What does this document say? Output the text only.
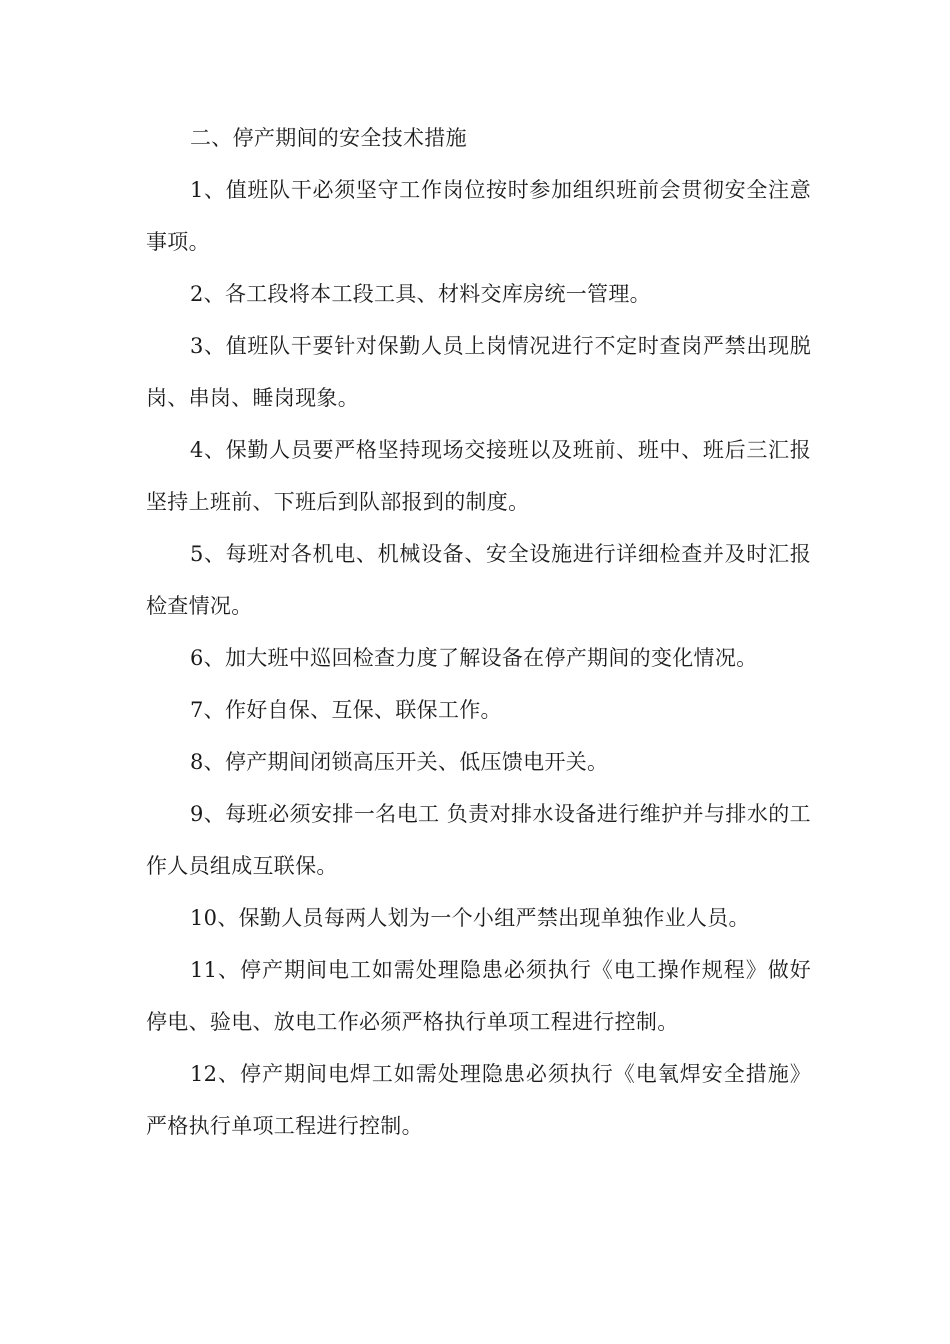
二、停产期间的安全技术措施

1、值班队干必须坚守工作岗位按时参加组织班前会贯彻安全注意事项。

2、各工段将本工段工具、材料交库房统一管理。

3、值班队干要针对保勤人员上岗情况进行不定时查岗严禁出现脱岗、串岗、睡岗现象。

4、保勤人员要严格坚持现场交接班以及班前、班中、班后三汇报坚持上班前、下班后到队部报到的制度。

5、每班对各机电、机械设备、安全设施进行详细检查并及时汇报检查情况。

6、加大班中巡回检查力度了解设备在停产期间的变化情况。

7、作好自保、互保、联保工作。

8、停产期间闭锁高压开关、低压馈电开关。

9、每班必须安排一名电工 负责对排水设备进行维护并与排水的工作人员组成互联保。

10、保勤人员每两人划为一个小组严禁出现单独作业人员。

11、停产期间电工如需处理隐患必须执行《电工操作规程》做好停电、验电、放电工作必须严格执行单项工程进行控制。

12、停产期间电焊工如需处理隐患必须执行《电氧焊安全措施》严格执行单项工程进行控制。
